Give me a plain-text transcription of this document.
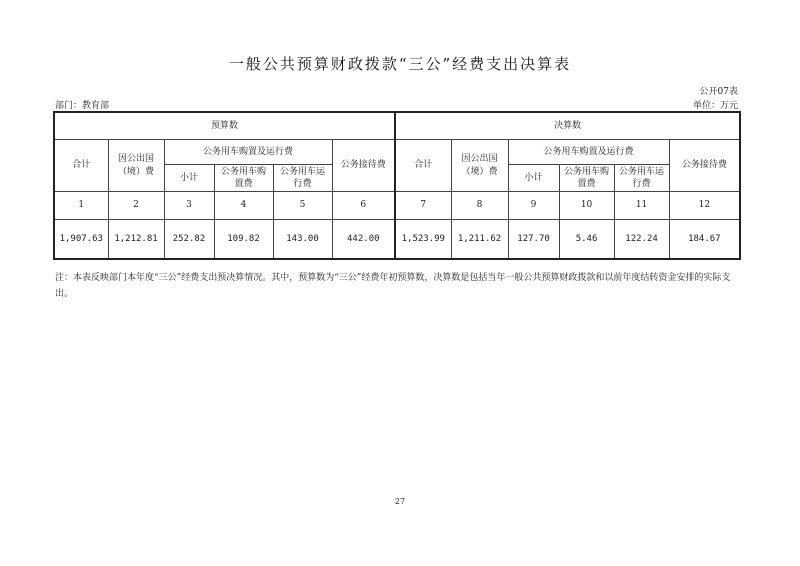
一般公共预算财政拨款“三公”经费支出决算表
公开07表
部门：教育部	单位：万元
预算数						决算数					
合计	因公出国（境）费	公务用车购置及运行费			公务接待费	合计	因公出国（境）费	公务用车购置及运行费			公务接待费
		小计	公务用车购置费	公务用车运行费				小计	公务用车购置费	公务用车运行费	
1	2	3	4	5	6	7	8	9	10	11	12
1,907.63	1,212.81	252.82	109.82	143.00	442.00	1,523.99	1,211.62	127.70	5.46	122.24	184.67
注：本表反映部门本年度“三公”经费支出预决算情况。其中，预算数为“三公”经费年初预算数，决算数是包括当年一般公共预算财政拨款和以前年度结转资金安排的实际支出。
27
